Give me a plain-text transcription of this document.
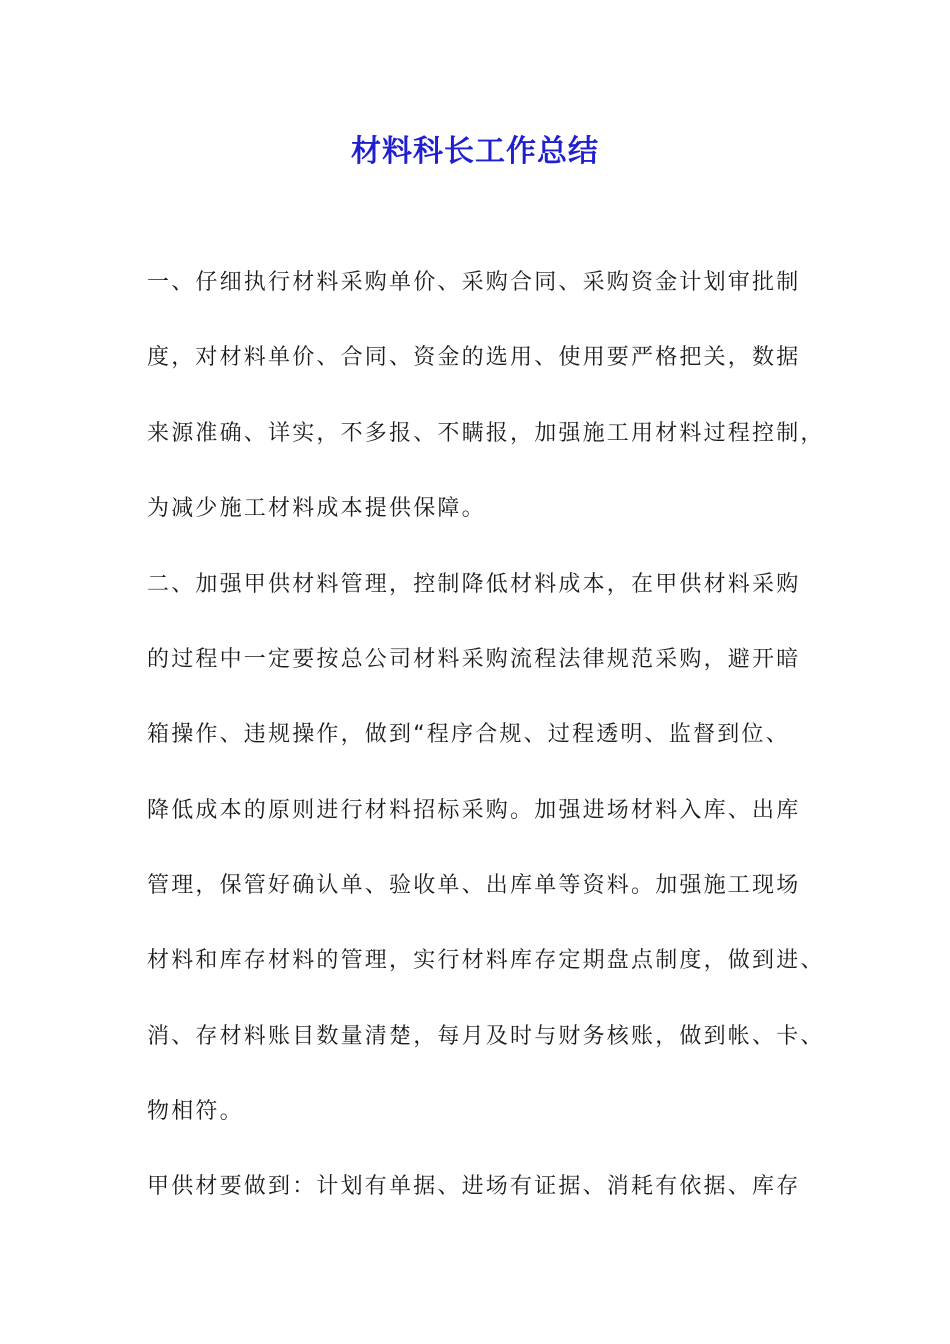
材料科长工作总结
一、仔细执行材料采购单价、采购合同、采购资金计划审批制
度，对材料单价、合同、资金的选用、使用要严格把关，数据
来源准确、详实，不多报、不瞒报，加强施工用材料过程控制，
为减少施工材料成本提供保障。
二、加强甲供材料管理，控制降低材料成本，在甲供材料采购
的过程中一定要按总公司材料采购流程法律规范采购，避开暗
箱操作、违规操作，做到“程序合规、过程透明、监督到位、
降低成本的原则进行材料招标采购。加强进场材料入库、出库
管理，保管好确认单、验收单、出库单等资料。加强施工现场
材料和库存材料的管理，实行材料库存定期盘点制度，做到进、
消、存材料账目数量清楚，每月及时与财务核账，做到帐、卡、
物相符。
甲供材要做到：计划有单据、进场有证据、消耗有依据、库存
